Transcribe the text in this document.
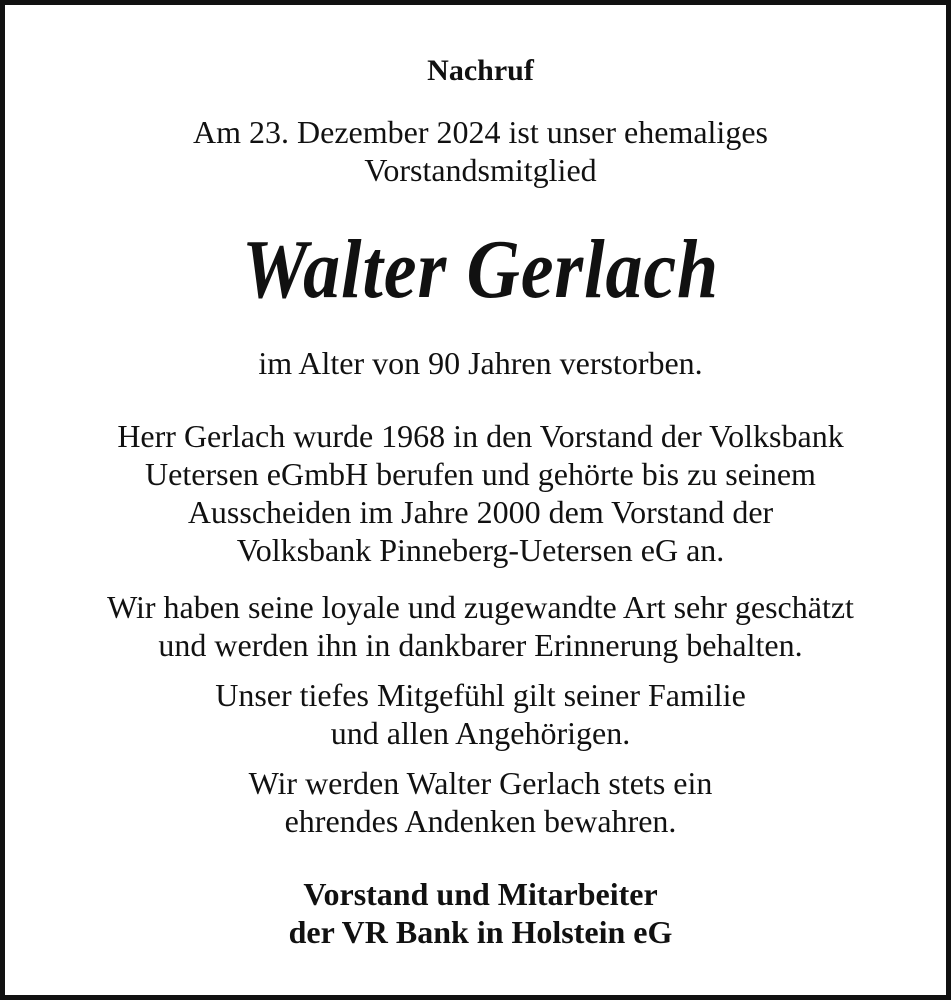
Nachruf
Am 23. Dezember 2024 ist unser ehemaliges
Vorstandsmitglied
Walter Gerlach
im Alter von 90 Jahren verstorben.
Herr Gerlach wurde 1968 in den Vorstand der Volksbank
Uetersen eGmbH berufen und gehörte bis zu seinem
Ausscheiden im Jahre 2000 dem Vorstand der
Volksbank Pinneberg-Uetersen eG an.
Wir haben seine loyale und zugewandte Art sehr geschätzt
und werden ihn in dankbarer Erinnerung behalten.
Unser tiefes Mitgefühl gilt seiner Familie
und allen Angehörigen.
Wir werden Walter Gerlach stets ein
ehrendes Andenken bewahren.
Vorstand und Mitarbeiter
der VR Bank in Holstein eG
